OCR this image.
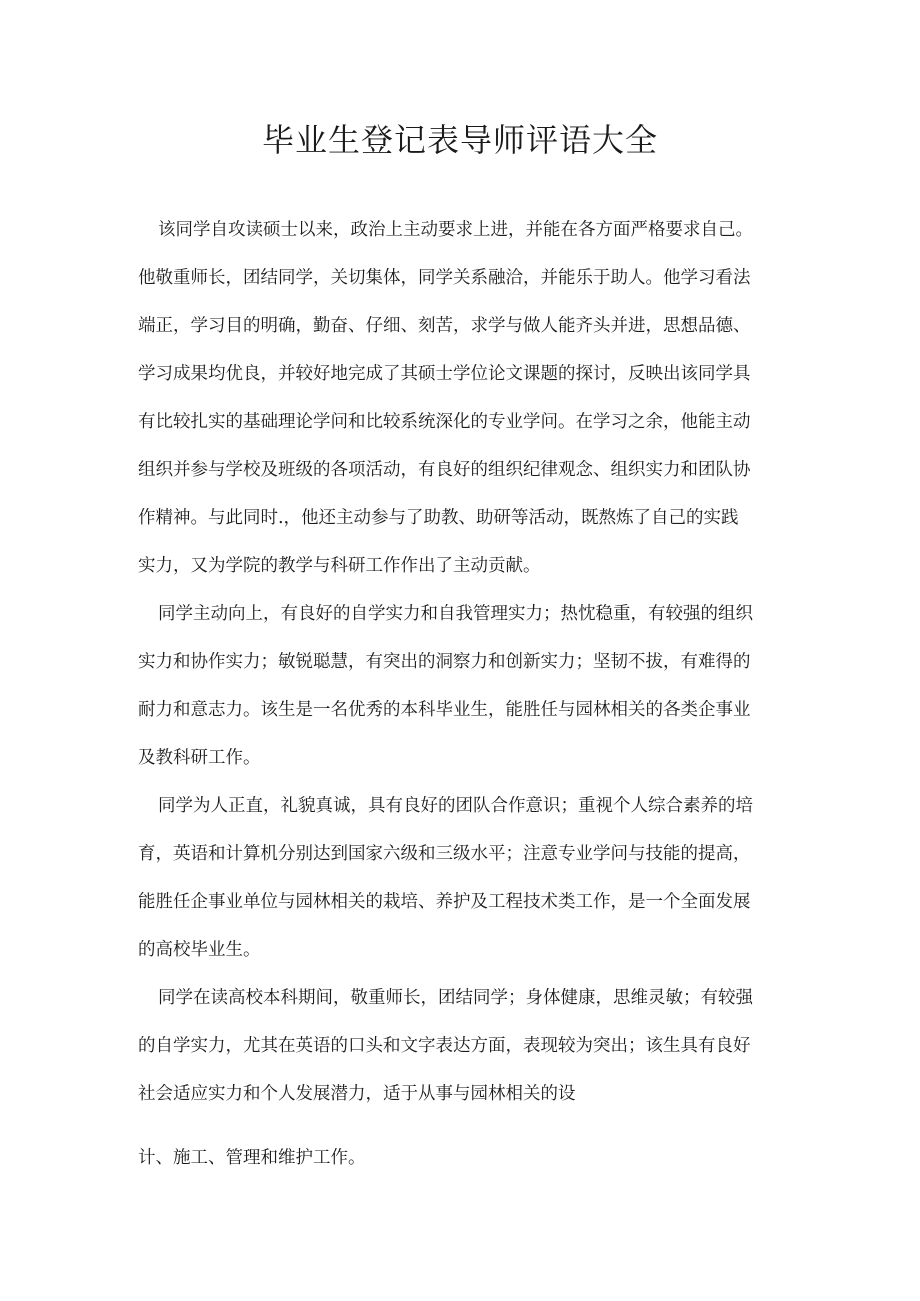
毕业生登记表导师评语大全

该同学自攻读硕士以来，政治上主动要求上进，并能在各方面严格要求自己。

他敬重师长，团结同学，关切集体，同学关系融洽，并能乐于助人。他学习看法

端正，学习目的明确，勤奋、仔细、刻苦，求学与做人能齐头并进，思想品德、

学习成果均优良，并较好地完成了其硕士学位论文课题的探讨，反映出该同学具

有比较扎实的基础理论学问和比较系统深化的专业学问。在学习之余，他能主动

组织并参与学校及班级的各项活动，有良好的组织纪律观念、组织实力和团队协

作精神。与此同时.，他还主动参与了助教、助研等活动，既熬炼了自己的实践

实力，又为学院的教学与科研工作作出了主动贡献。

同学主动向上，有良好的自学实力和自我管理实力；热忱稳重，有较强的组织

实力和协作实力；敏锐聪慧，有突出的洞察力和创新实力；坚韧不拔，有难得的

耐力和意志力。该生是一名优秀的本科毕业生，能胜任与园林相关的各类企事业

及教科研工作。

同学为人正直，礼貌真诚，具有良好的团队合作意识；重视个人综合素养的培

育，英语和计算机分别达到国家六级和三级水平；注意专业学问与技能的提高，

能胜任企事业单位与园林相关的栽培、养护及工程技术类工作，是一个全面发展

的高校毕业生。

同学在读高校本科期间，敬重师长，团结同学；身体健康，思维灵敏；有较强

的自学实力，尤其在英语的口头和文字表达方面，表现较为突出；该生具有良好

社会适应实力和个人发展潜力，适于从事与园林相关的设

计、施工、管理和维护工作。
